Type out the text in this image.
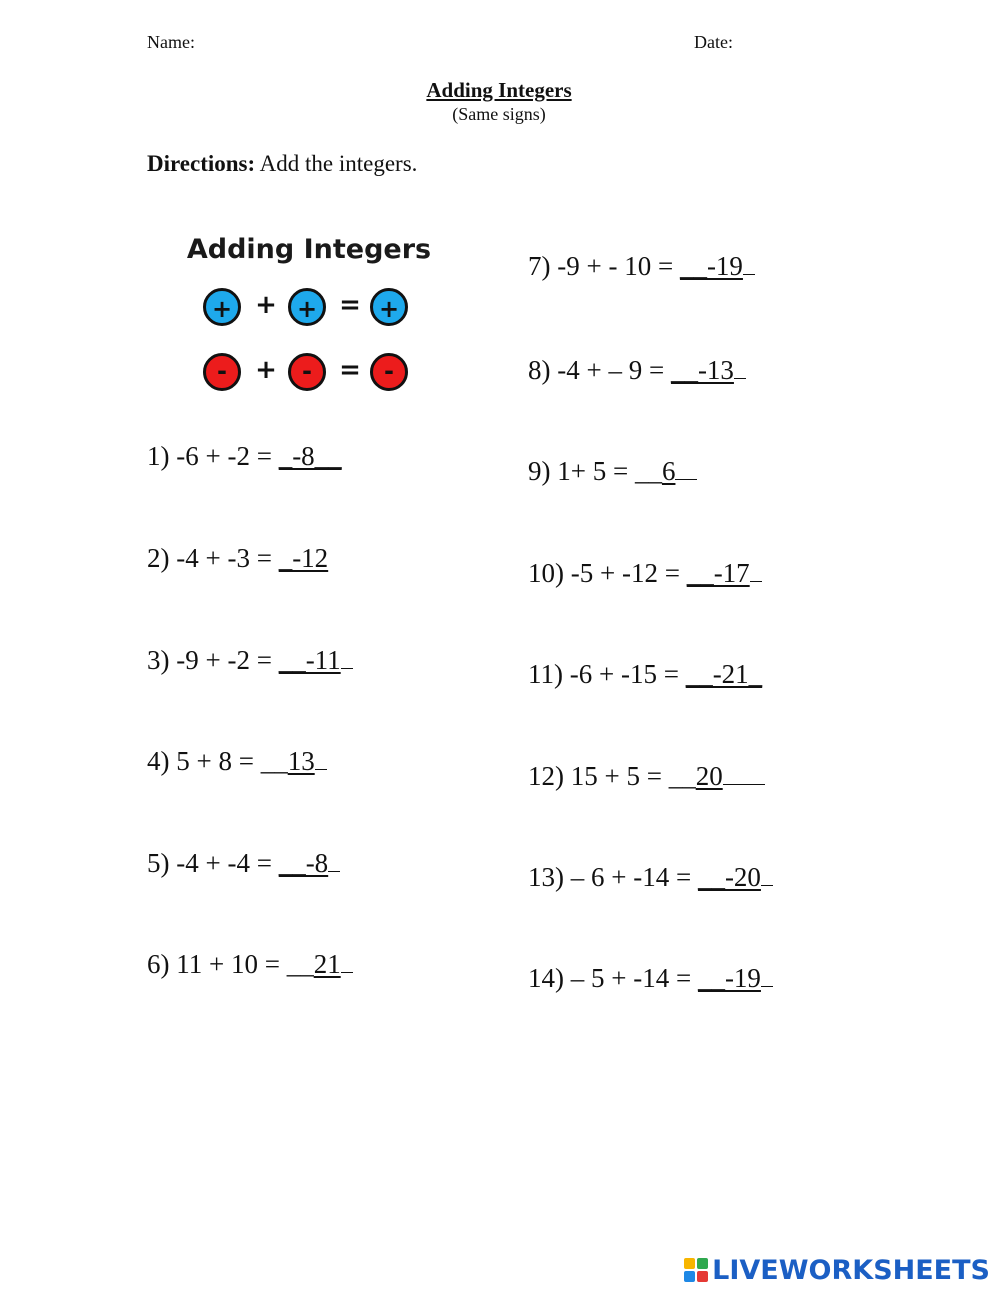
Name:	Date:
Adding Integers
(Same signs)
Directions: Add the integers.
Adding Integers
+ + + = +
-	+	-	= -
1) -6 + -2 = _-8__
2) -4 + -3 = _-12
3) -9 + -2 = __-11
4) 5 + 8 = __13
5) -4 + -4 = __-8
6) 11 + 10 = __21
7) -9 + - 10 = __-19
8) -4 + – 9 = __-13
9) 1+ 5 = __6
10) -5 + -12 = __-17
11) -6 + -15 = __-21_
12) 15 + 5 = __20
13) – 6 + -14 = __-20
14) – 5 + -14 = __-19
LIVEWORKSHEETS
